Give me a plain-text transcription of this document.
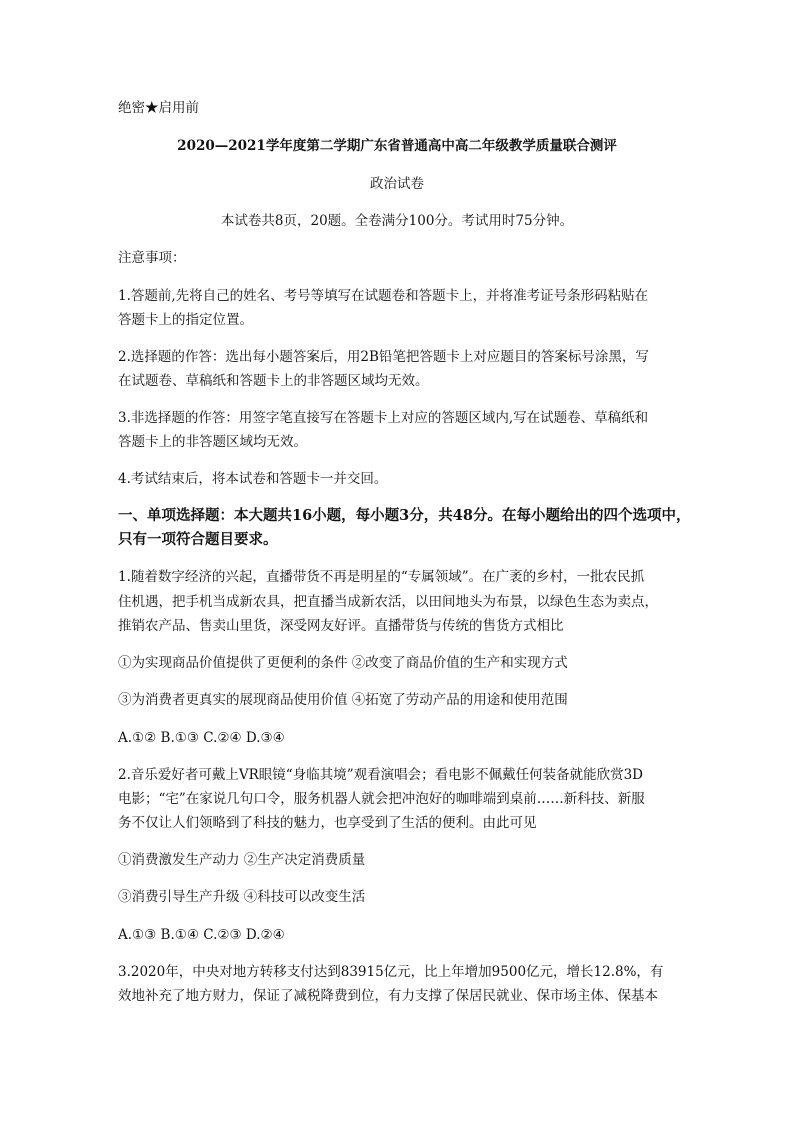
绝密★启用前
2020—2021学年度第二学期广东省普通高中高二年级教学质量联合测评
政治试卷
本试卷共8页，20题。全卷满分100分。考试用时75分钟。
注意事项：
1.答题前,先将自己的姓名、考号等填写在试题卷和答题卡上，并将准考证号条形码粘贴在
答题卡上的指定位置。
2.选择题的作答：选出每小题答案后，用2B铅笔把答题卡上对应题目的答案标号涂黑，写
在试题卷、草稿纸和答题卡上的非答题区域均无效。
3.非选择题的作答：用签字笔直接写在答题卡上对应的答题区域内,写在试题卷、草稿纸和
答题卡上的非答题区域均无效。
4.考试结束后，将本试卷和答题卡一并交回。
一、单项选择题：本大题共16小题，每小题3分，共48分。在每小题给出的四个选项中，
只有一项符合题目要求。
1.随着数字经济的兴起，直播带货不再是明星的“专属领域”。在广袤的乡村，一批农民抓
住机遇，把手机当成新农具，把直播当成新农活，以田间地头为布景，以绿色生态为卖点，
推销农产品、售卖山里货，深受网友好评。直播带货与传统的售货方式相比
①为实现商品价值提供了更便利的条件 ②改变了商品价值的生产和实现方式
③为消费者更真实的展现商品使用价值 ④拓宽了劳动产品的用途和使用范围
A.①② B.①③ C.②④ D.③④
2.音乐爱好者可戴上VR眼镜“身临其境”观看演唱会；看电影不佩戴任何装备就能欣赏3D
电影；“宅”在家说几句口令，服务机器人就会把冲泡好的咖啡端到桌前……新科技、新服
务不仅让人们领略到了科技的魅力，也享受到了生活的便利。由此可见
①消费激发生产动力 ②生产决定消费质量
③消费引导生产升级 ④科技可以改变生活
A.①③ B.①④ C.②③ D.②④
3.2020年，中央对地方转移支付达到83915亿元，比上年增加9500亿元，增长12.8%，有
效地补充了地方财力，保证了减税降费到位，有力支撑了保居民就业、保市场主体、保基本
